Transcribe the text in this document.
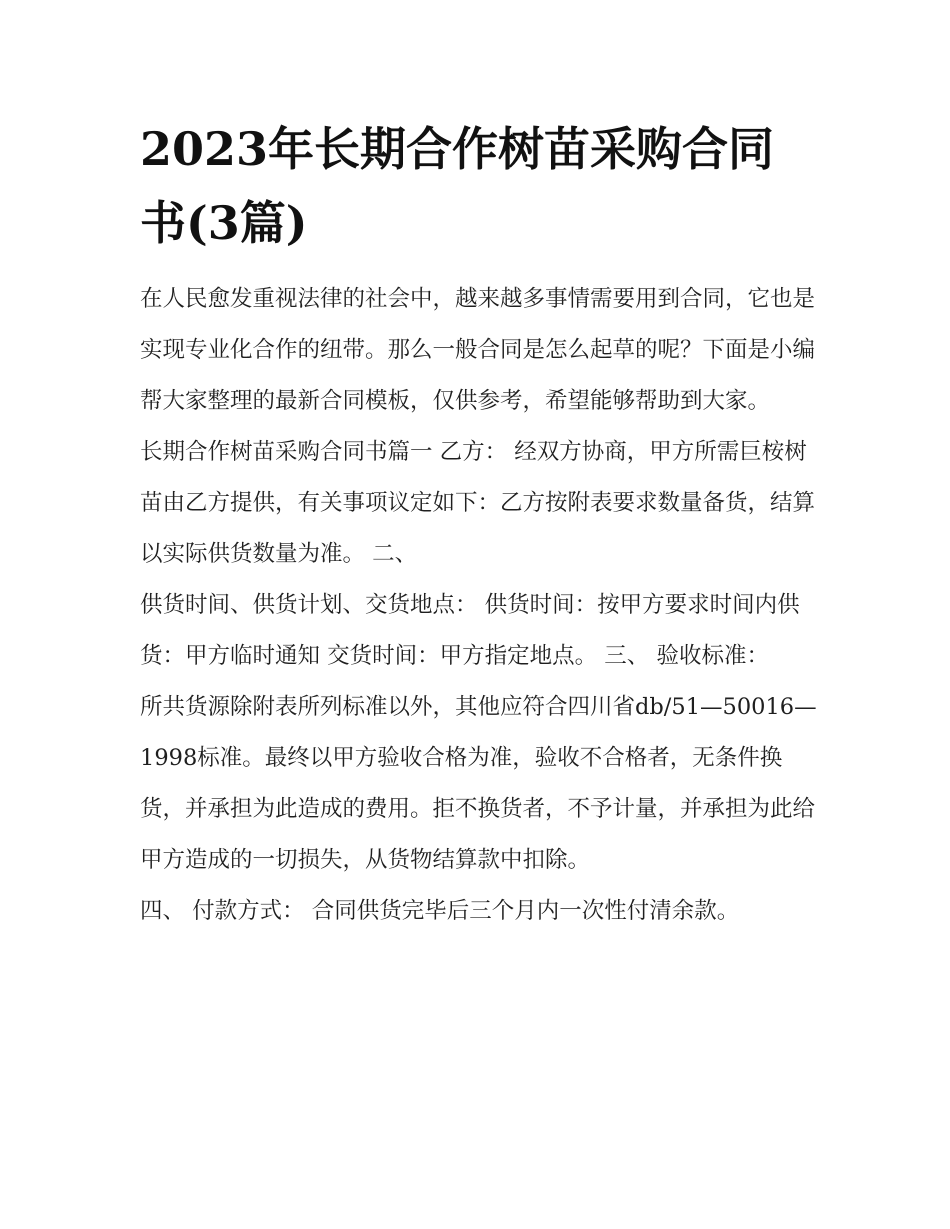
2023年长期合作树苗采购合同书(3篇)

在人民愈发重视法律的社会中，越来越多事情需要用到合同，它也是实现专业化合作的纽带。那么一般合同是怎么起草的呢？下面是小编帮大家整理的最新合同模板，仅供参考，希望能够帮助到大家。

长期合作树苗采购合同书篇一 乙方： 经双方协商，甲方所需巨桉树苗由乙方提供，有关事项议定如下：乙方按附表要求数量备货，结算以实际供货数量为准。 二、

供货时间、供货计划、交货地点： 供货时间：按甲方要求时间内供货：甲方临时通知 交货时间：甲方指定地点。 三、 验收标准：

所共货源除附表所列标准以外，其他应符合四川省db/51—50016—1998标准。最终以甲方验收合格为准，验收不合格者，无条件换货，并承担为此造成的费用。拒不换货者，不予计量，并承担为此给甲方造成的一切损失，从货物结算款中扣除。

四、 付款方式： 合同供货完毕后三个月内一次性付清余款。
